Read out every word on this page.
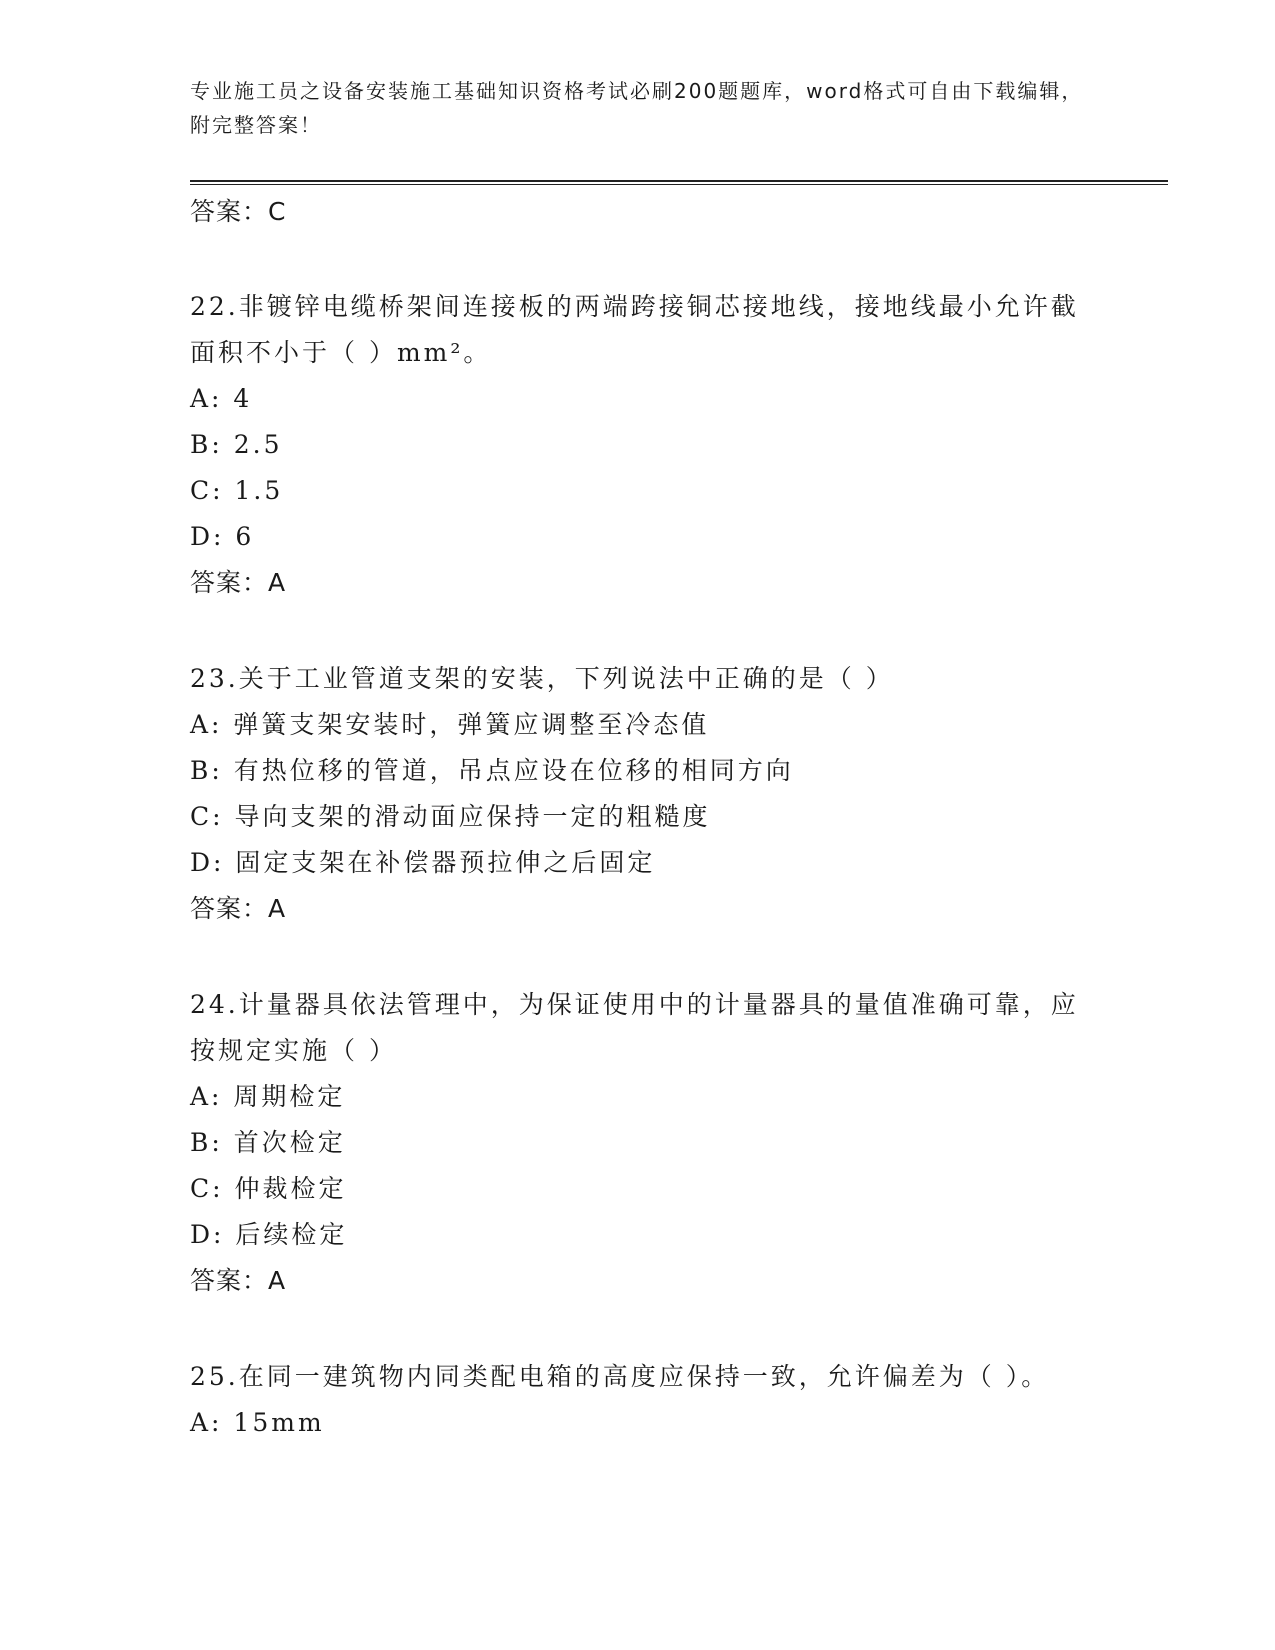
专业施工员之设备安装施工基础知识资格考试必刷200题题库，word格式可自由下载编辑，附完整答案！
答案：C
22.非镀锌电缆桥架间连接板的两端跨接铜芯接地线，接地线最小允许截面积不小于（ ）mm²。
A: 4
B: 2.5
C: 1.5
D: 6
答案：A
23.关于工业管道支架的安装，下列说法中正确的是（ ）
A: 弹簧支架安装时，弹簧应调整至冷态值
B: 有热位移的管道，吊点应设在位移的相同方向
C: 导向支架的滑动面应保持一定的粗糙度
D: 固定支架在补偿器预拉伸之后固定
答案：A
24.计量器具依法管理中，为保证使用中的计量器具的量值准确可靠，应按规定实施（ ）
A: 周期检定
B: 首次检定
C: 仲裁检定
D: 后续检定
答案：A
25.在同一建筑物内同类配电箱的高度应保持一致，允许偏差为（ ）。
A: 15mm
